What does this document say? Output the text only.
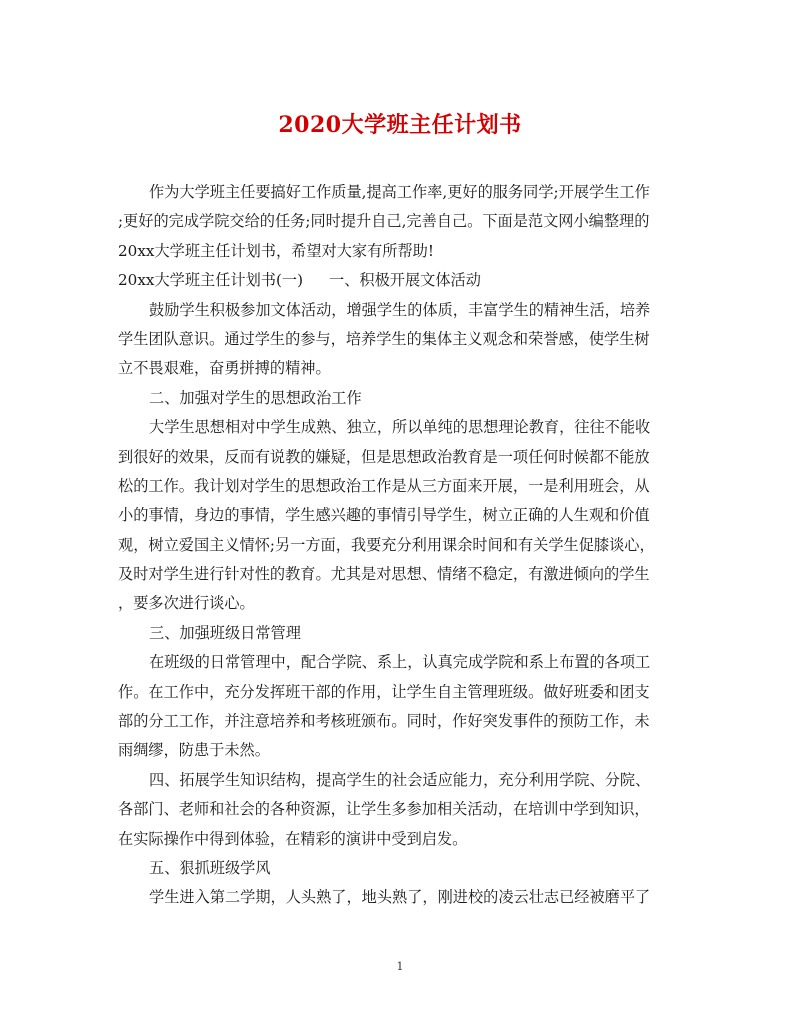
2020大学班主任计划书
作为大学班主任要搞好工作质量,提高工作率,更好的服务同学;开展学生工作
;更好的完成学院交给的任务;同时提升自己,完善自己。下面是范文网小编整理的
20xx大学班主任计划书，希望对大家有所帮助!
20xx大学班主任计划书(一) 一、积极开展文体活动
鼓励学生积极参加文体活动，增强学生的体质，丰富学生的精神生活，培养
学生团队意识。通过学生的参与，培养学生的集体主义观念和荣誉感，使学生树
立不畏艰难，奋勇拼搏的精神。
二、加强对学生的思想政治工作
大学生思想相对中学生成熟、独立，所以单纯的思想理论教育，往往不能收
到很好的效果，反而有说教的嫌疑，但是思想政治教育是一项任何时候都不能放
松的工作。我计划对学生的思想政治工作是从三方面来开展，一是利用班会，从
小的事情，身边的事情，学生感兴趣的事情引导学生，树立正确的人生观和价值
观，树立爱国主义情怀;另一方面，我要充分利用课余时间和有关学生促膝谈心，
及时对学生进行针对性的教育。尤其是对思想、情绪不稳定，有激进倾向的学生
，要多次进行谈心。
三、加强班级日常管理
在班级的日常管理中，配合学院、系上，认真完成学院和系上布置的各项工
作。在工作中，充分发挥班干部的作用，让学生自主管理班级。做好班委和团支
部的分工工作，并注意培养和考核班颁布。同时，作好突发事件的预防工作，未
雨绸缪，防患于未然。
四、拓展学生知识结构，提高学生的社会适应能力，充分利用学院、分院、
各部门、老师和社会的各种资源，让学生多参加相关活动，在培训中学到知识，
在实际操作中得到体验，在精彩的演讲中受到启发。
五、狠抓班级学风
学生进入第二学期，人头熟了，地头熟了，刚进校的凌云壮志已经被磨平了
1
